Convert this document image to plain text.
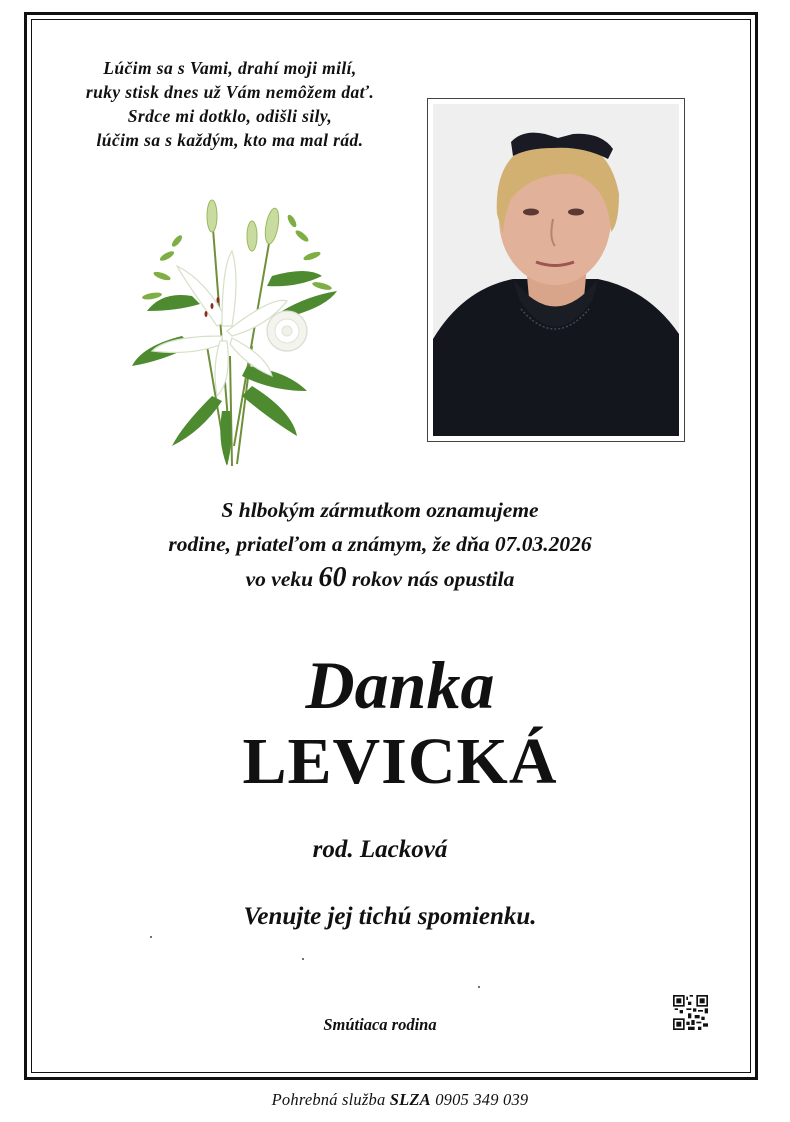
Lúčim sa s Vami, drahí moji milí,
ruky stisk dnes už Vám nemôžem dať.
Srdce mi dotklo, odišli sily,
lúčim sa s každým, kto ma mal rád.
S hlbokým zármutkom oznamujeme
rodine, priateľom a známym, že dňa 07.03.2026
vo veku 60 rokov nás opustila
Danka
LEVICKÁ
rod. Lacková
Venujte jej tichú spomienku.
Smútiaca rodina
Pohrebná služba SLZA 0905 349 039
